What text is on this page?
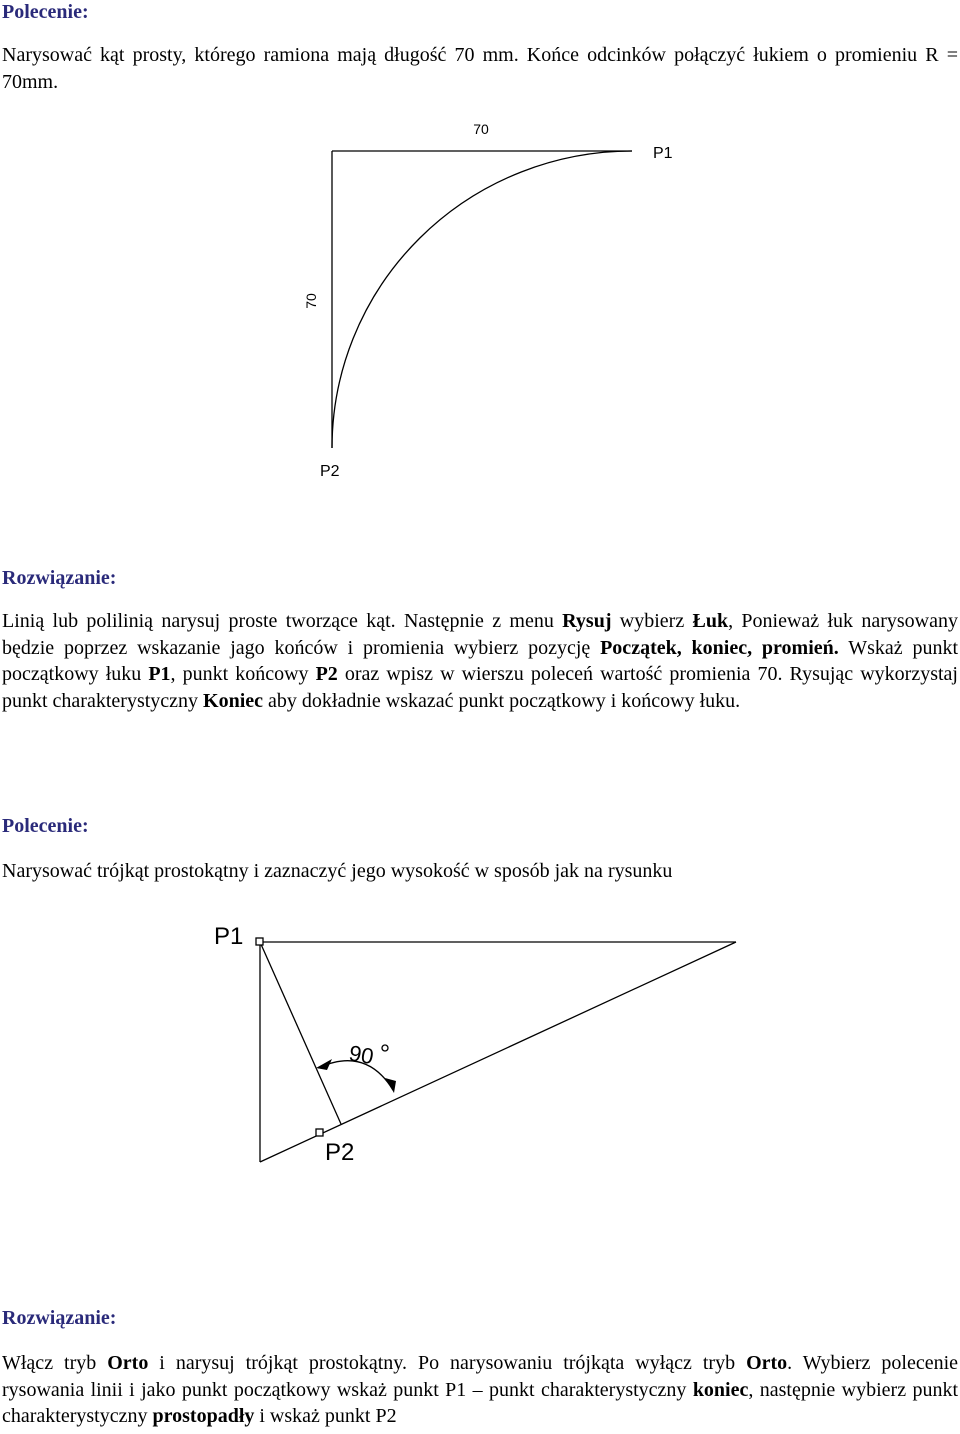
Polecenie:

Narysować kąt prosty, którego ramiona mają długość 70 mm. Końce odcinków połączyć łukiem o promieniu R = 70mm.

70
70
P1
P2
Rozwiązanie:

Linią lub polilinią narysuj proste tworzące kąt. Następnie z menu Rysuj wybierz Łuk, Ponieważ łuk narysowany będzie poprzez wskazanie jago końców i promienia wybierz pozycję Początek, koniec, promień. Wskaż punkt początkowy łuku P1, punkt końcowy P2 oraz wpisz w wierszu poleceń wartość promienia 70. Rysując wykorzystaj punkt charakterystyczny Koniec aby dokładnie wskazać punkt początkowy i końcowy łuku.

Polecenie:

Narysować trójkąt prostokątny i zaznaczyć jego wysokość w sposób jak na rysunku

P1
P2
90
Rozwiązanie:

Włącz tryb Orto i narysuj trójkąt prostokątny. Po narysowaniu trójkąta wyłącz tryb Orto. Wybierz polecenie rysowania linii i jako punkt początkowy wskaż punkt P1 – punkt charakterystyczny koniec, następnie wybierz punkt charakterystyczny prostopadły i wskaż punkt P2
